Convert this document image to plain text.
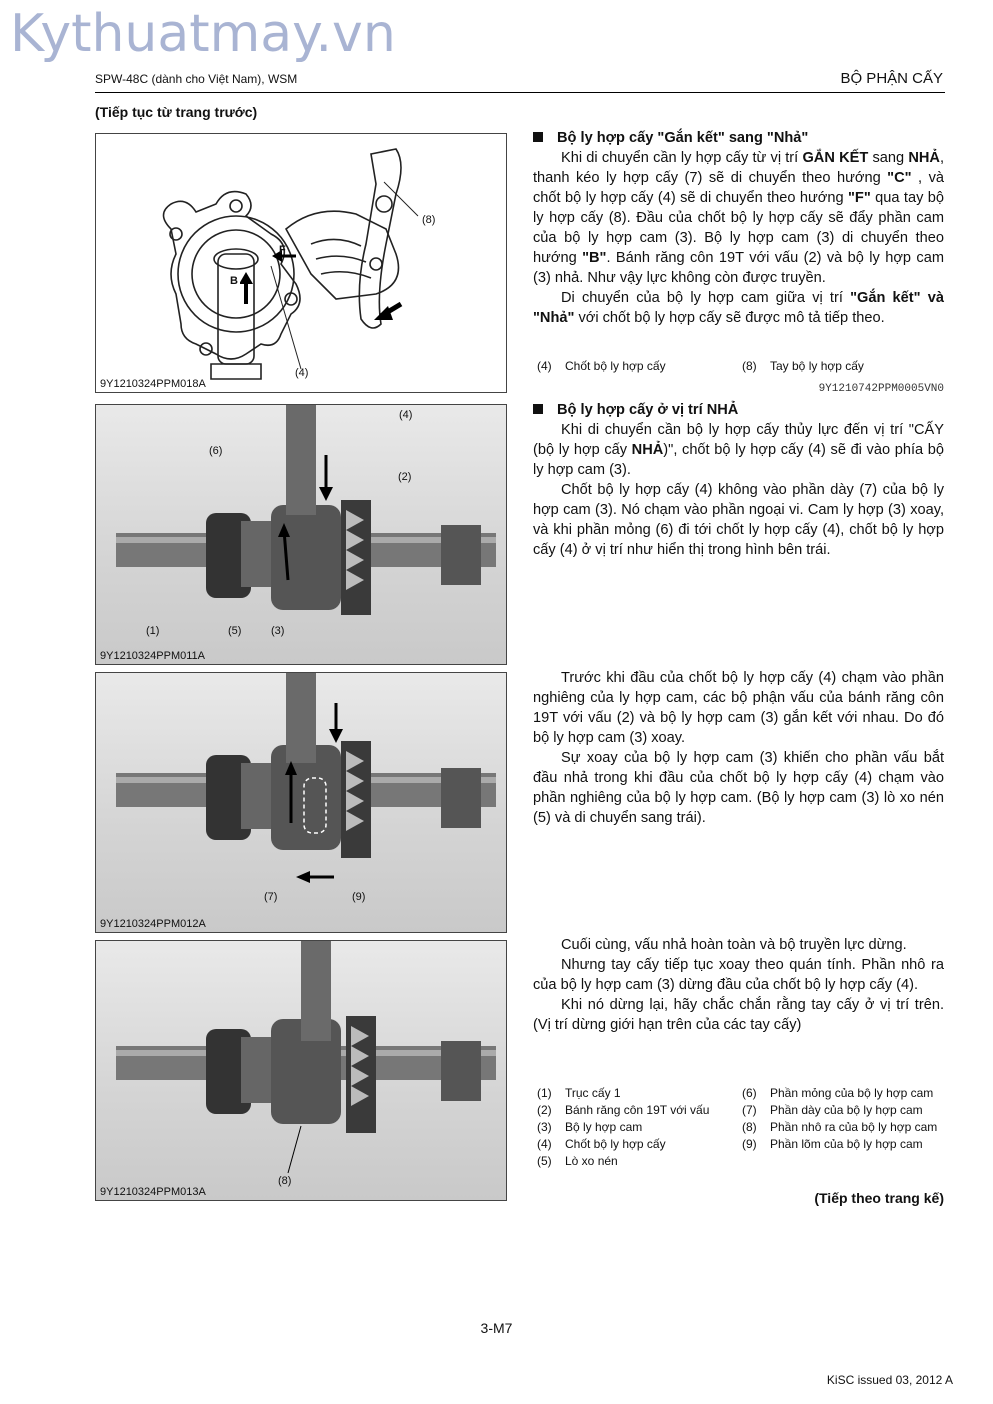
Kythuatmay.vn
SPW-48C (dành cho Việt Nam), WSM	BỘ PHẬN CẤY
(Tiếp tục từ trang trước)
(8)
F
B
(4)
9Y1210324PPM018A
(4)
(6)
(2)
(1)	(5)	(3)
9Y1210324PPM011A
(7)	(9)
9Y1210324PPM012A
(8)
9Y1210324PPM013A
Bộ ly hợp cấy "Gắn kết" sang "Nhả"

Khi di chuyển cần ly hợp cấy từ vị trí GẮN KẾT sang NHẢ, thanh kéo ly hợp cấy (7) sẽ di chuyển theo hướng "C" , và chốt bộ ly hợp cấy (4) sẽ di chuyển theo hướng "F" qua tay bộ ly hợp cấy (8). Đầu của chốt bộ ly hợp cấy sẽ đẩy phần cam của bộ ly hợp cam (3). Bộ ly hợp cam (3) di chuyển theo hướng "B". Bánh răng côn 19T với vấu (2) và bộ ly hợp cam (3) nhả. Như vậy lực không còn được truyền.

Di chuyển của bộ ly hợp cam giữa vị trí "Gắn kết" và "Nhả" với chốt bộ ly hợp cấy sẽ được mô tả tiếp theo.

(4)	Chốt bộ ly hợp cấy	(8)	Tay bộ ly hợp cấy
9Y1210742PPM0005VN0
Bộ ly hợp cấy ở vị trí NHẢ

Khi di chuyển cần bộ ly hợp cấy thủy lực đến vị trí "CẤY (bộ ly hợp cấy NHẢ)", chốt bộ ly hợp cấy (4) sẽ đi vào phía bộ ly hợp cam (3).

Chốt bộ ly hợp cấy (4) không vào phần dày (7) của bộ ly hợp cam (3). Nó chạm vào phần ngoại vi. Cam ly hợp (3) xoay, và khi phần mỏng (6) đi tới chốt ly hợp cấy (4), chốt bộ ly hợp cấy (4) ở vị trí như hiển thị trong hình bên trái.

Trước khi đầu của chốt bộ ly hợp cấy (4) chạm vào phần nghiêng của ly hợp cam, các bộ phận vấu của bánh răng côn 19T với vấu (2) và bộ ly hợp cam (3) gắn kết với nhau. Do đó bộ ly hợp cam (3) xoay.

Sự xoay của bộ ly hợp cam (3) khiến cho phần vấu bắt đầu nhả trong khi đầu của chốt bộ ly hợp cấy (4) chạm vào phần nghiêng của bộ ly hợp cam. (Bộ ly hợp cam (3) lò xo nén (5) và di chuyển sang trái).

Cuối cùng, vấu nhả hoàn toàn và bộ truyền lực dừng.

Nhưng tay cấy tiếp tục xoay theo quán tính. Phần nhô ra của bộ ly hợp cam (3) dừng đầu của chốt bộ ly hợp cấy (4).

Khi nó dừng lại, hãy chắc chắn rằng tay cấy ở vị trí trên. (Vị trí dừng giới hạn trên của các tay cấy)

(1)	Trục cấy 1
(2)	Bánh răng côn 19T với vấu
(3)	Bộ ly hợp cam
(4)	Chốt bộ ly hợp cấy
(5)	Lò xo nén
(6)	Phần mỏng của bộ ly hợp cam
(7)	Phần dày của bộ ly hợp cam
(8)	Phần nhô ra của bộ ly hợp cam
(9)	Phần lõm của bộ ly hợp cam
(Tiếp theo trang kế)
3-M7
KiSC issued 03, 2012 A
